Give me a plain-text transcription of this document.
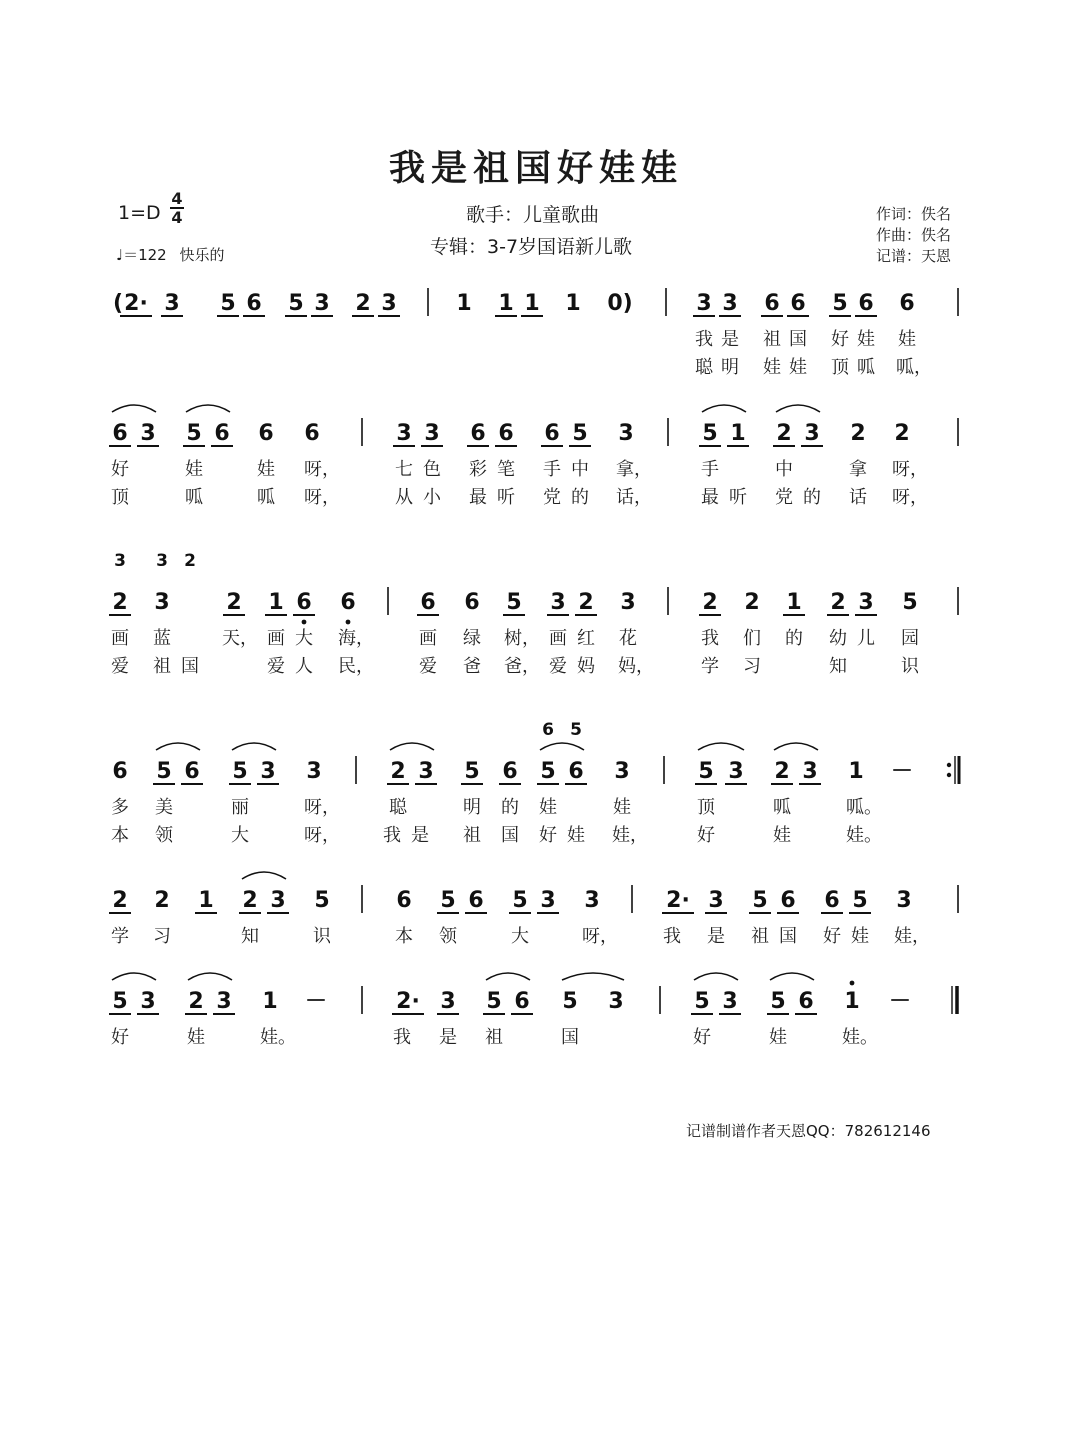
我是祖国好娃娃
1=D
4
4
♩＝122 快乐的
歌手：儿童歌曲
专辑：3-7岁国语新儿歌
作词：佚名
作曲：佚名
记谱：天恩
( 2· 3 5 6 5 3 2 3	1 1 1 1 0)	3 3 6 6 5 6 6
我 是 祖 国 好 娃 娃
聪 明 娃 娃 顶 呱 呱，
6 3 5 6 6 6	3 3 6 6 6 5 3	5 1 2 3 2 2
好	娃	娃 呀，	七 色 彩 笔 手 中 拿，	手	中	拿 呀，
顶	呱	呱 呀，	从 小 最 听 党 的 话，	最 听 党 的 话 呀，
2 3	2 1 6 6	6 6 5 3 2 3	2 2 1 2 3 5
3 3 2
画 蓝	天， 画 大 海，	画 绿 树， 画 红 花	我 们 的 幼 儿 园
爱 祖 国	爱 人 民，	爱 爸 爸， 爱 妈 妈，	学 习	知	识
6 5 6 5 3 3	2 3 5 6 5 6 3	5 3 2 3 1 －
6 5
多 美	丽	呀，	聪	明 的 娃	娃	顶	呱	呱。
本 领	大	呀， 我 是 祖 国 好 娃 娃，	好	娃	娃。
2 2 1 2 3 5	6 5 6 5 3 3	2· 3 5 6 6 5 3
学 习	知	识	本 领	大	呀，	我 是 祖 国 好 娃 娃，
5 3 2 3 1 －	2· 3 5 6 5 3	5 3 5 6 1 －
好	娃	娃。	我 是 祖	国	好	娃	娃。
记谱制谱作者天恩QQ：782612146
